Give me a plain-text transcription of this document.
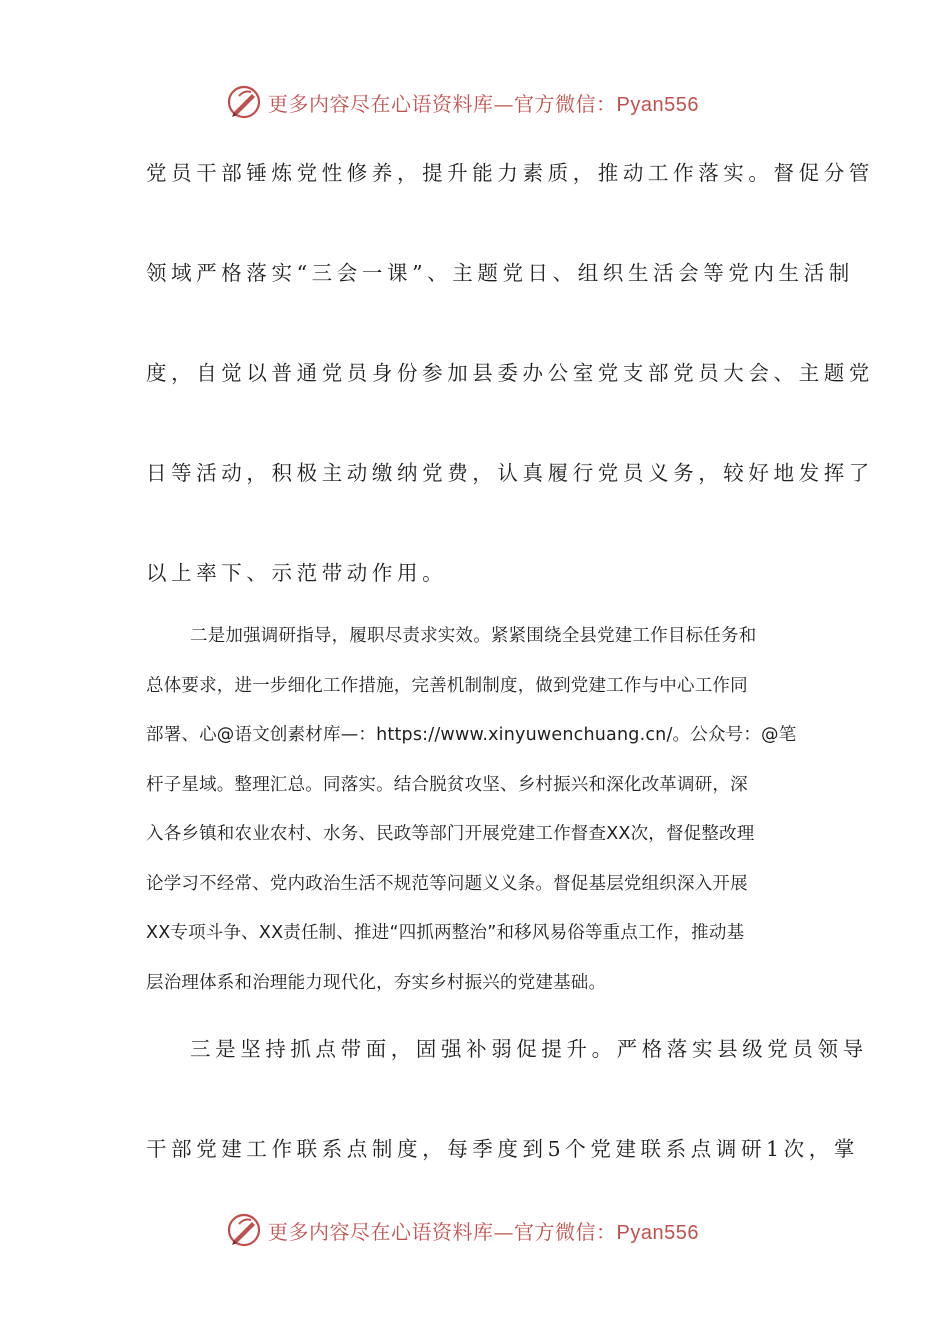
更多内容尽在心语资料库—官方微信：Pyan556
党员干部锤炼党性修养，提升能力素质，推动工作落实。督促分管
领域严格落实“三会一课”、主题党日、组织生活会等党内生活制
度，自觉以普通党员身份参加县委办公室党支部党员大会、主题党
日等活动，积极主动缴纳党费，认真履行党员义务，较好地发挥了
以上率下、示范带动作用。
二是加强调研指导，履职尽责求实效。紧紧围绕全县党建工作目标任务和
总体要求，进一步细化工作措施，完善机制制度，做到党建工作与中心工作同
部署、心@语文创素材库—：https://www.xinyuwenchuang.cn/。公众号：@笔
杆子星域。整理汇总。同落实。结合脱贫攻坚、乡村振兴和深化改革调研，深
入各乡镇和农业农村、水务、民政等部门开展党建工作督查XX次，督促整改理
论学习不经常、党内政治生活不规范等问题义义条。督促基层党组织深入开展
XX专项斗争、XX责任制、推进“四抓两整治”和移风易俗等重点工作，推动基
层治理体系和治理能力现代化，夯实乡村振兴的党建基础。
三是坚持抓点带面，固强补弱促提升。严格落实县级党员领导
干部党建工作联系点制度，每季度到5个党建联系点调研1次，掌
更多内容尽在心语资料库—官方微信：Pyan556
